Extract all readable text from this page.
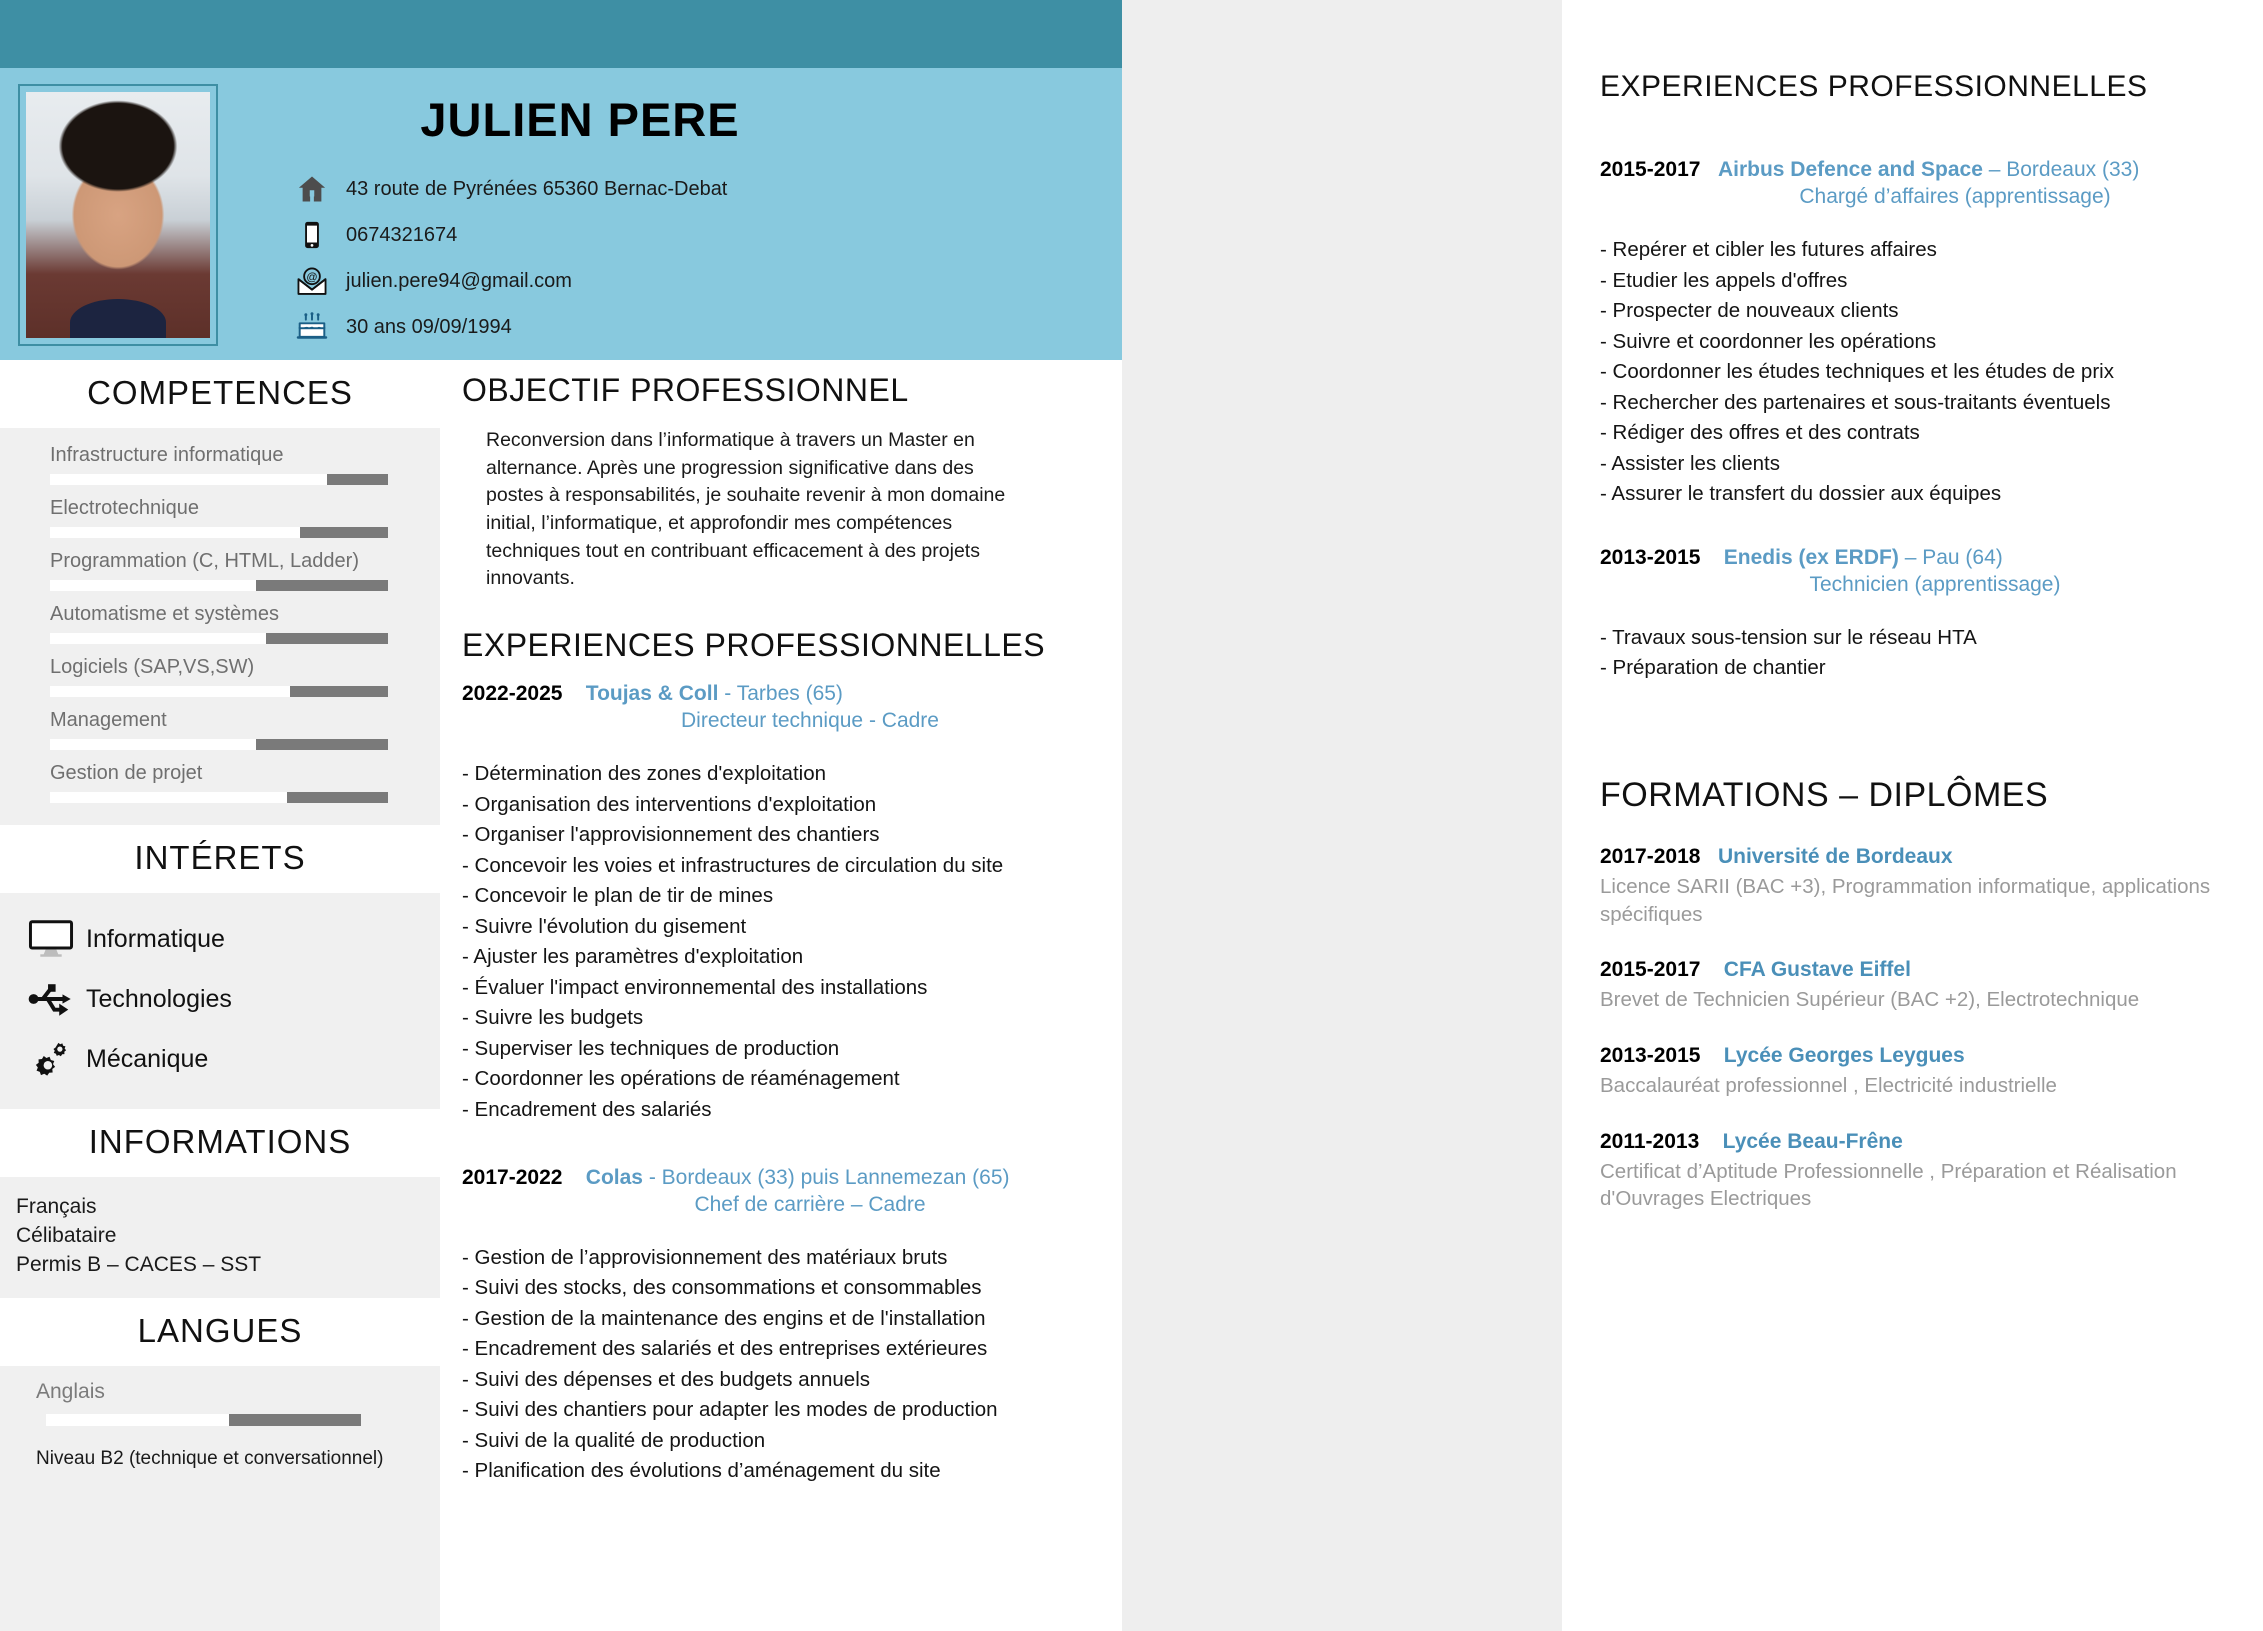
JULIEN PERE
43 route de Pyrénées 65360 Bernac-Debat
0674321674
@ julien.pere94@gmail.com
30 ans 09/09/1994
COMPETENCES
Infrastructure informatique
Electrotechnique
Programmation (C, HTML, Ladder)
Automatisme et systèmes
Logiciels (SAP,VS,SW)
Management
Gestion de projet
INTÉRETS
Informatique
Technologies
Mécanique
INFORMATIONS
Français
Célibataire
Permis B – CACES – SST
LANGUES
Anglais
Niveau B2 (technique et conversationnel)
OBJECTIF PROFESSIONNEL
Reconversion dans l’informatique à travers un Master en alternance. Après une progression significative dans des postes à responsabilités, je souhaite revenir à mon domaine initial, l’informatique, et approfondir mes compétences techniques tout en contribuant efficacement à des projets innovants.
EXPERIENCES PROFESSIONNELLES
2022-2025 Toujas & Coll - Tarbes (65)
Directeur technique - Cadre
- Détermination des zones d'exploitation
- Organisation des interventions d'exploitation
- Organiser l'approvisionnement des chantiers
- Concevoir les voies et infrastructures de circulation du site
- Concevoir le plan de tir de mines
- Suivre l'évolution du gisement
- Ajuster les paramètres d'exploitation
- Évaluer l'impact environnemental des installations
- Suivre les budgets
- Superviser les techniques de production
- Coordonner les opérations de réaménagement
- Encadrement des salariés
2017-2022 Colas - Bordeaux (33) puis Lannemezan (65)
Chef de carrière – Cadre
- Gestion de l’approvisionnement des matériaux bruts
- Suivi des stocks, des consommations et consommables
- Gestion de la maintenance des engins et de l'installation
- Encadrement des salariés et des entreprises extérieures
- Suivi des dépenses et des budgets annuels
- Suivi des chantiers pour adapter les modes de production
- Suivi de la qualité de production
- Planification des évolutions d’aménagement du site
EXPERIENCES PROFESSIONNELLES
2015-2017 Airbus Defence and Space – Bordeaux (33)
Chargé d’affaires (apprentissage)
- Repérer et cibler les futures affaires
- Etudier les appels d'offres
- Prospecter de nouveaux clients
- Suivre et coordonner les opérations
- Coordonner les études techniques et les études de prix
- Rechercher des partenaires et sous-traitants éventuels
- Rédiger des offres et des contrats
- Assister les clients
- Assurer le transfert du dossier aux équipes
2013-2015 Enedis (ex ERDF) – Pau (64)
Technicien (apprentissage)
- Travaux sous-tension sur le réseau HTA
- Préparation de chantier
FORMATIONS – DIPLÔMES
2017-2018 Université de Bordeaux
Licence SARII (BAC +3), Programmation informatique, applications spécifiques
2015-2017 CFA Gustave Eiffel
Brevet de Technicien Supérieur (BAC +2), Electrotechnique
2013-2015 Lycée Georges Leygues
Baccalauréat professionnel , Electricité industrielle
2011-2013 Lycée Beau-Frêne
Certificat d’Aptitude Professionnelle , Préparation et Réalisation d'Ouvrages Electriques
